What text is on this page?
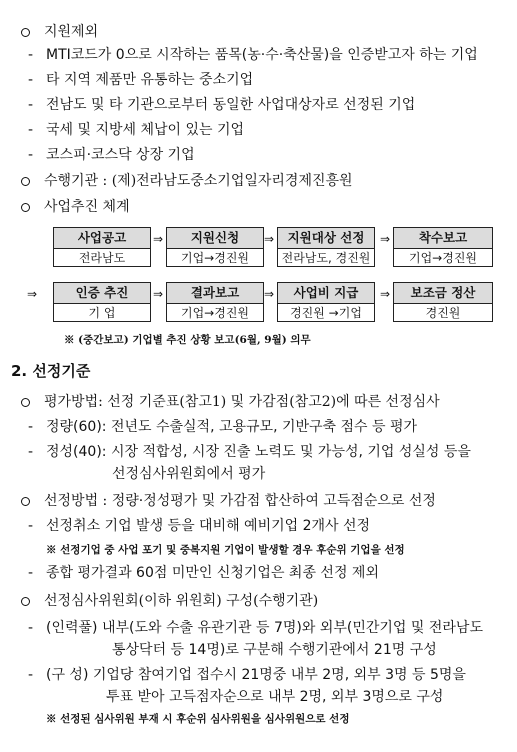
지원제외
- MTI코드가 0으로 시작하는 품목(농·수·축산물)을 인증받고자 하는 기업
- 타 지역 제품만 유통하는 중소기업
- 전남도 및 타 기관으로부터 동일한 사업대상자로 선정된 기업
- 국세 및 지방세 체납이 있는 기업
- 코스피·코스닥 상장 기업
수행기관 : (제)전라남도중소기업일자리경제진흥원
사업추진 체계
사업공고
전라남도
⇒	지원신청
기업→경진원
⇒	지원대상 선정
전라남도, 경진원
⇒	착수보고
기업→경진원
⇒	인증 추진
기 업
⇒	결과보고
기업→경진원
⇒	사업비 지급
경진원 →기업
⇒	보조금 정산
경진원
※ (중간보고) 기업별 추진 상황 보고(6월, 9월) 의무
2. 선정기준
평가방법: 선정 기준표(참고1) 및 가감점(참고2)에 따른 선정심사
- 정량(60): 전년도 수출실적, 고용규모, 기반구축 점수 등 평가
- 정성(40): 시장 적합성, 시장 진출 노력도 및 가능성, 기업 성실성 등을
선정심사위원회에서 평가
선정방법 : 정량·정성평가 및 가감점 합산하여 고득점순으로 선정
- 선정취소 기업 발생 등을 대비해 예비기업 2개사 선정
※ 선정기업 중 사업 포기 및 중복지원 기업이 발생할 경우 후순위 기업을 선정
- 종합 평가결과 60점 미만인 신청기업은 최종 선정 제외
선정심사위원회(이하 위원회) 구성(수행기관)
- (인력풀) 내부(도와 수출 유관기관 등 7명)와 외부(민간기업 및 전라남도
통상닥터 등 14명)로 구분해 수행기관에서 21명 구성
- (구 성) 기업당 참여기업 접수시 21명중 내부 2명, 외부 3명 등 5명을
투표 받아 고득점자순으로 내부 2명, 외부 3명으로 구성
※ 선정된 심사위원 부재 시 후순위 심사위원을 심사위원으로 선정
